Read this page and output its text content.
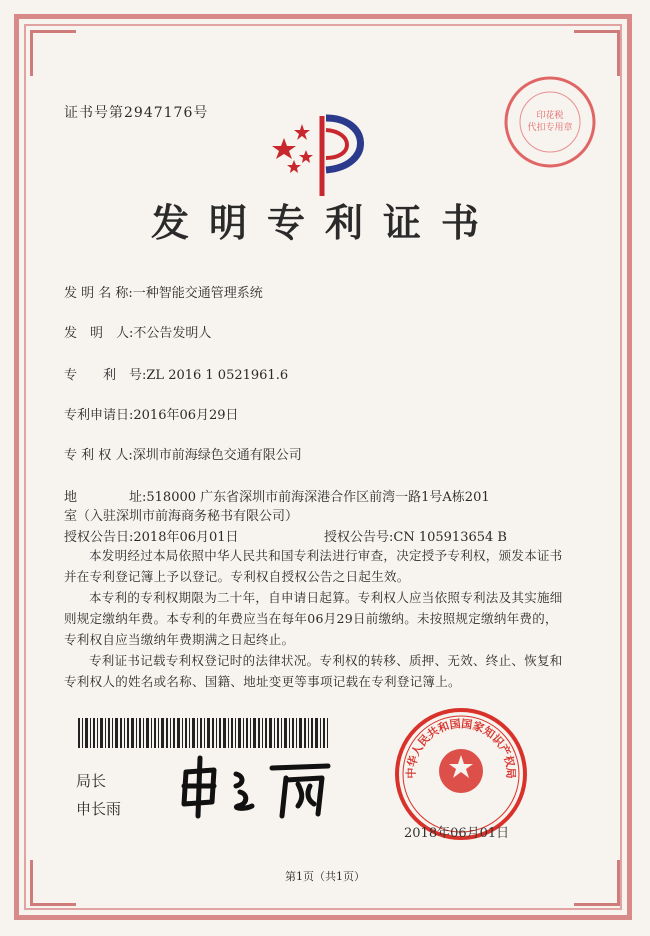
证书号第2947176号	印花税
代扣专用章
发明专利证书
发 明 名 称:一种智能交通管理系统
发　明　人:不公告发明人
专　　利　号:ZL 2016 1 0521961.6
专利申请日:2016年06月29日
专 利 权 人:深圳市前海绿色交通有限公司
地　　　　址:518000 广东省深圳市前海深港合作区前湾一路1号A栋201
室（入驻深圳市前海商务秘书有限公司）
授权公告日:2018年06月01日	授权公告号:CN 105913654 B

本发明经过本局依照中华人民共和国专利法进行审查，决定授予专利权，颁发本证书并在专利登记簿上予以登记。专利权自授权公告之日起生效。

本专利的专利权期限为二十年，自申请日起算。专利权人应当依照专利法及其实施细则规定缴纳年费。本专利的年费应当在每年06月29日前缴纳。未按照规定缴纳年费的，专利权自应当缴纳年费期满之日起终止。

专利证书记载专利权登记时的法律状况。专利权的转移、质押、无效、终止、恢复和专利权人的姓名或名称、国籍、地址变更等事项记载在专利登记簿上。

局长
申长雨
中华人民共和国国家知识产权局
2018年06月01日
第1页（共1页）
